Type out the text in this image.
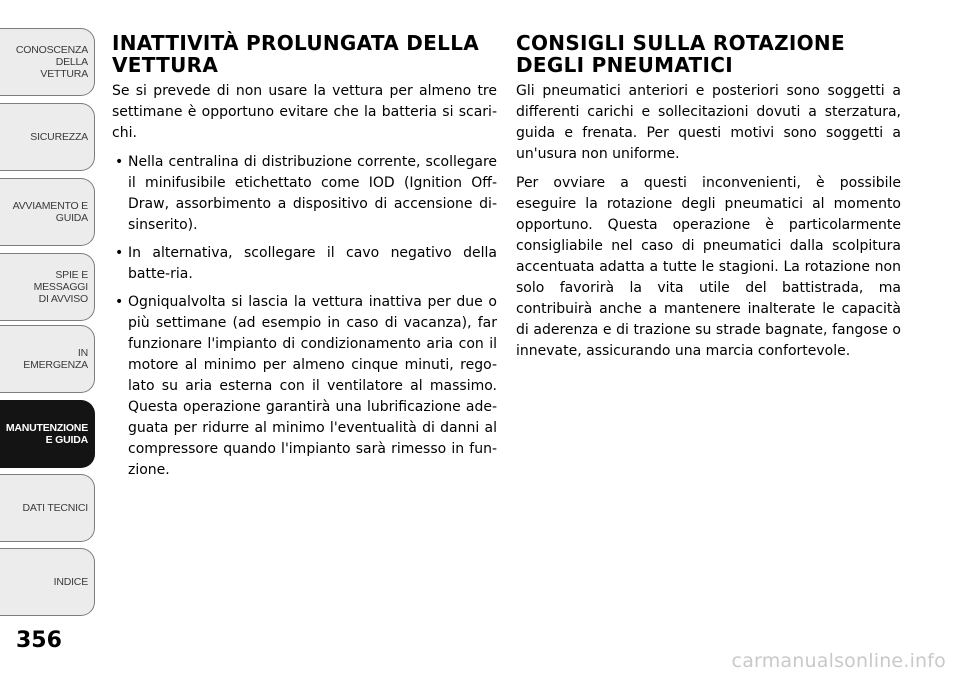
CONOSCENZA DELLA
VETTURA
SICUREZZA
AVVIAMENTO E
GUIDA
SPIE E
MESSAGGI
DI AVVISO
IN
EMERGENZA
MANUTENZIONE
E GUIDA
DATI TECNICI
INDICE
356
INATTIVITÀ PROLUNGATA DELLA VETTURA

Se si prevede di non usare la vettura per almeno tre settimane è opportuno evitare che la batteria si scari-chi.

• Nella centralina di distribuzione corrente, scollegare il minifusibile etichettato come IOD (Ignition Off-Draw, assorbimento a dispositivo di accensione di-sinserito).
• In alternativa, scollegare il cavo negativo della batte-ria.
• Ogniqualvolta si lascia la vettura inattiva per due o più settimane (ad esempio in caso di vacanza), far funzionare l'impianto di condizionamento aria con il motore al minimo per almeno cinque minuti, rego-lato su aria esterna con il ventilatore al massimo. Questa operazione garantirà una lubrificazione ade-guata per ridurre al minimo l'eventualità di danni al compressore quando l'impianto sarà rimesso in fun-zione.
CONSIGLI SULLA ROTAZIONE DEGLI PNEUMATICI

Gli pneumatici anteriori e posteriori sono soggetti a differenti carichi e sollecitazioni dovuti a sterzatura, guida e frenata. Per questi motivi sono soggetti a un'usura non uniforme.

Per ovviare a questi inconvenienti, è possibile eseguire la rotazione degli pneumatici al momento opportuno. Questa operazione è particolarmente consigliabile nel caso di pneumatici dalla scolpitura accentuata adatta a tutte le stagioni. La rotazione non solo favorirà la vita utile del battistrada, ma contribuirà anche a mantenere inalterate le capacità di aderenza e di trazione su strade bagnate, fangose o innevate, assicurando una marcia confortevole.

carmanualsonline.info
